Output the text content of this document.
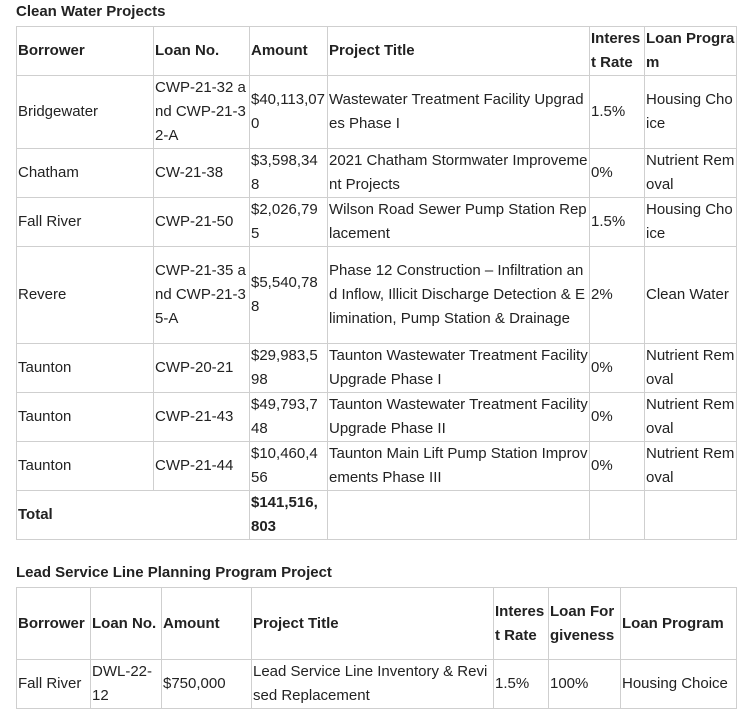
Clean Water Projects
Borrower	Loan No.	Amount	Project Title	Interest Rate	Loan Program
Bridgewater	CWP-21-32 and CWP-21-32-A	$40,113,070	Wastewater Treatment Facility Upgrades Phase I	1.5%	Housing Choice
Chatham	CW-21-38	$3,598,348	2021 Chatham Stormwater Improvement Projects	0%	Nutrient Removal
Fall River	CWP-21-50	$2,026,795	Wilson Road Sewer Pump Station Replacement	1.5%	Housing Choice
Revere	CWP-21-35 and CWP-21-35-A	$5,540,788	Phase 12 Construction – Infiltration and Inflow, Illicit Discharge Detection & Elimination, Pump Station & Drainage	2%	Clean Water
Taunton	CWP-20-21	$29,983,598	Taunton Wastewater Treatment Facility Upgrade Phase I	0%	Nutrient Removal
Taunton	CWP-21-43	$49,793,748	Taunton Wastewater Treatment Facility Upgrade Phase II	0%	Nutrient Removal
Taunton	CWP-21-44	$10,460,456	Taunton Main Lift Pump Station Improvements Phase III	0%	Nutrient Removal
Total		$141,516,803			
Lead Service Line Planning Program Project
Borrower	Loan No.	Amount	Project Title	Interest Rate	Loan Forgiveness	Loan Program
Fall River	DWL-22-12	$750,000	Lead Service Line Inventory & Revised Replacement	1.5%	100%	Housing Choice
